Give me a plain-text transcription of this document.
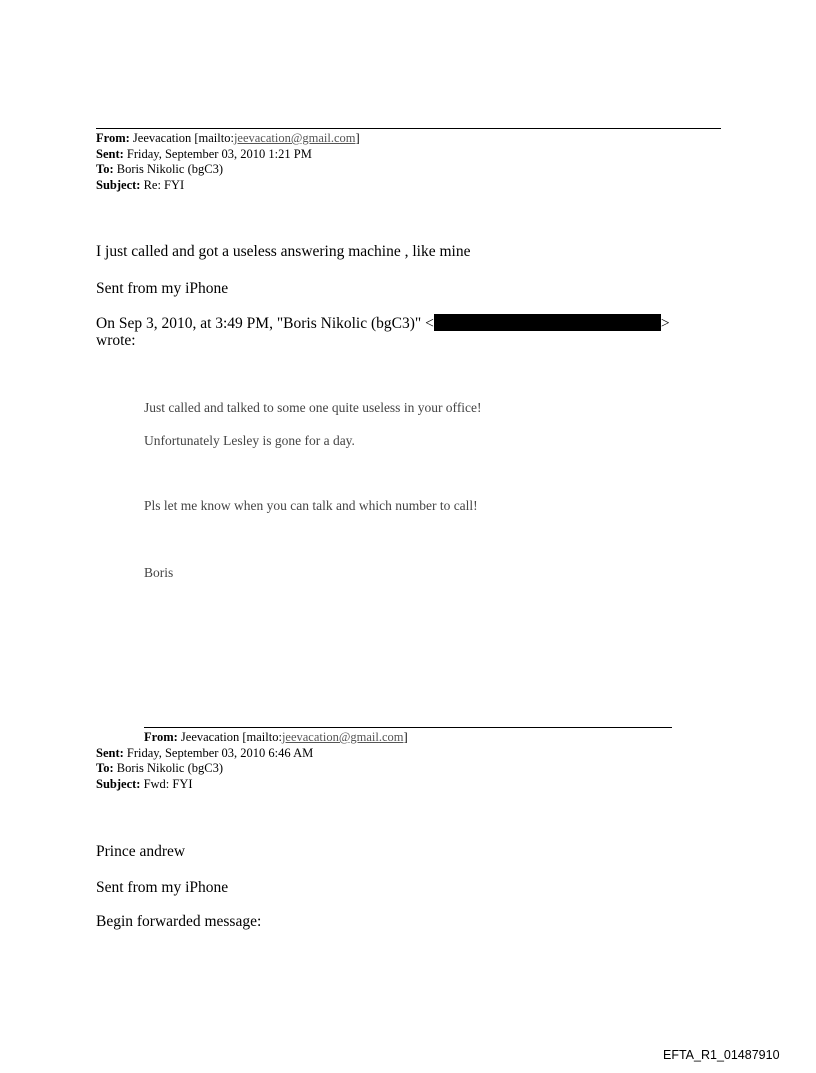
From: Jeevacation [mailto:jeevacation@gmail.com]
Sent: Friday, September 03, 2010 1:21 PM
To: Boris Nikolic (bgC3)
Subject: Re: FYI
I just called and got a useless answering machine , like mine
Sent from my iPhone
On Sep 3, 2010, at 3:49 PM, "Boris Nikolic (bgC3)" <	>
wrote:
Just called and talked to some one quite useless in your office!
Unfortunately Lesley is gone for a day.
Pls let me know when you can talk and which number to call!
Boris
From: Jeevacation [mailto:jeevacation@gmail.com]
Sent: Friday, September 03, 2010 6:46 AM
To: Boris Nikolic (bgC3)
Subject: Fwd: FYI
Prince andrew
Sent from my iPhone
Begin forwarded message:
EFTA_R1_01487910
